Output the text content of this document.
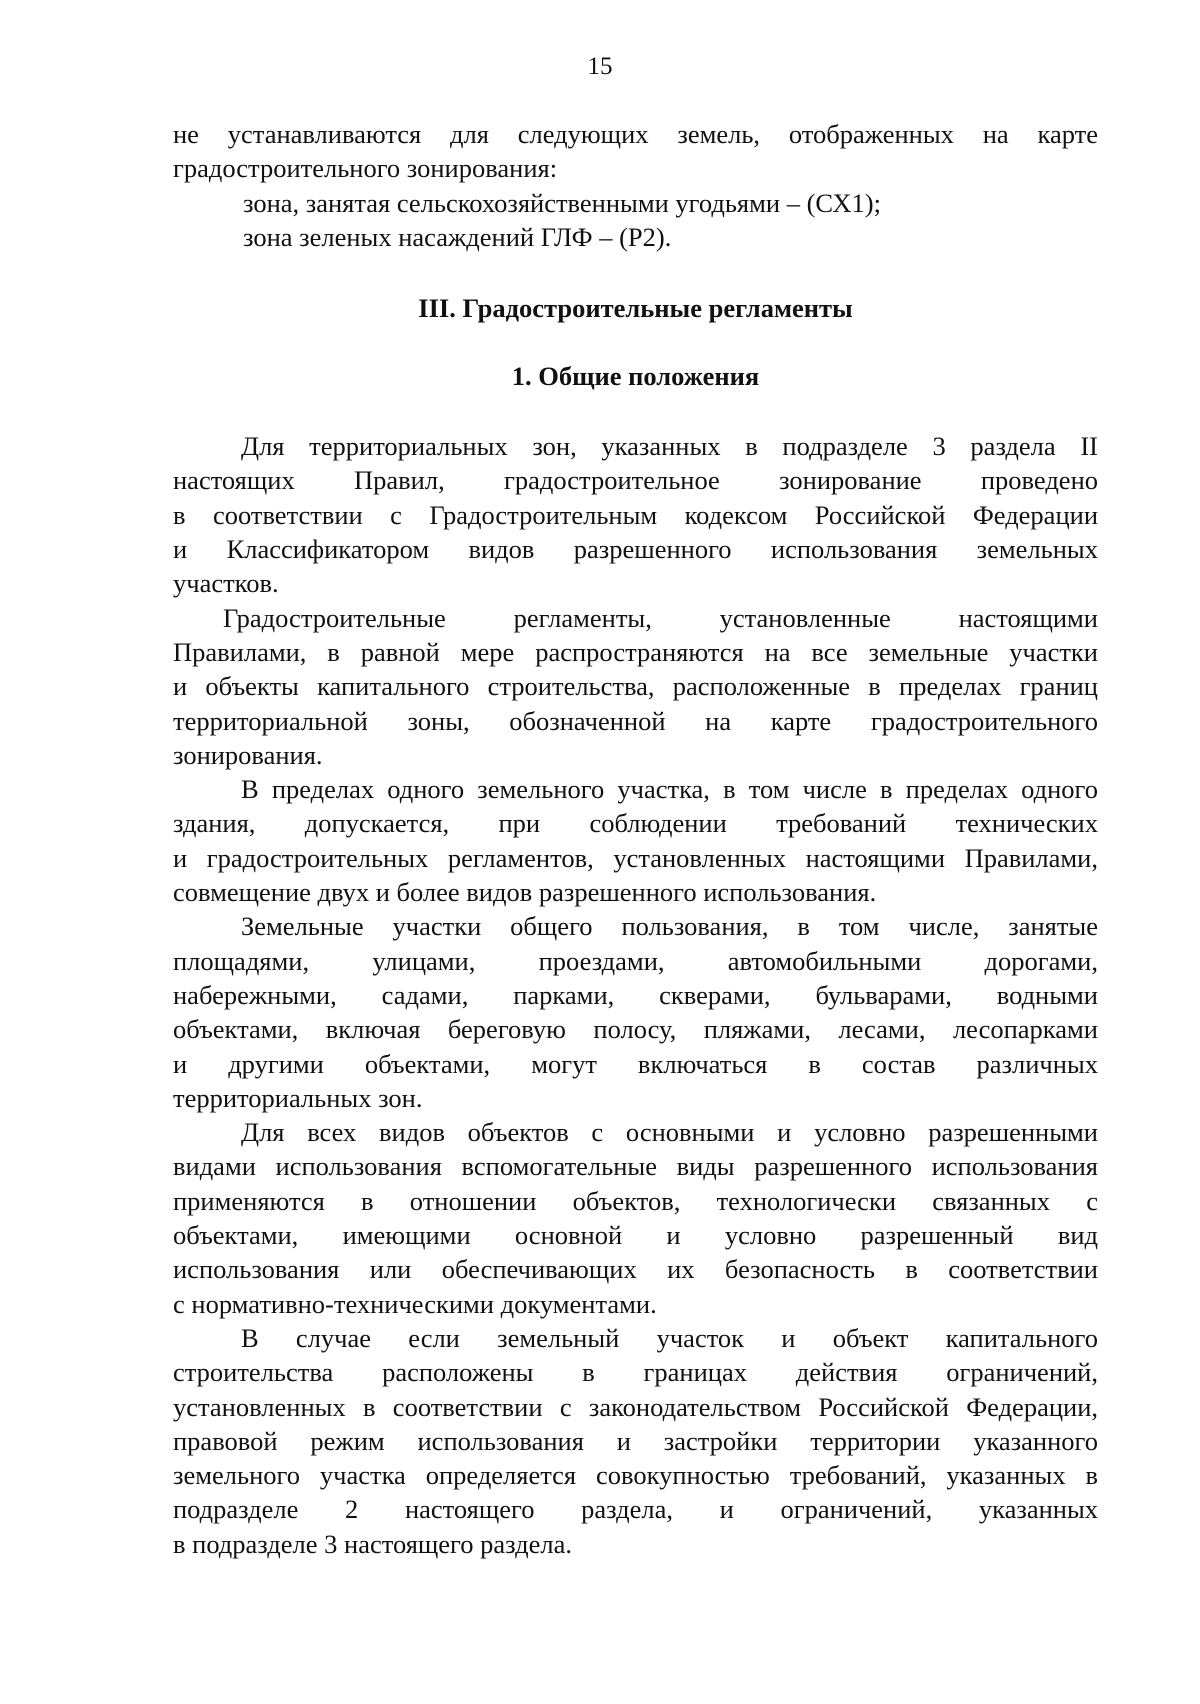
15
не устанавливаются для следующих земель, отображенных на карте
градостроительного зонирования:
зона, занятая сельскохозяйственными угодьями – (СХ1);
зона зеленых насаждений ГЛФ – (Р2).
III. Градостроительные регламенты
1. Общие положения
Для территориальных зон, указанных в подразделе 3 раздела II
настоящих Правил, градостроительное зонирование проведено
в соответствии с Градостроительным кодексом Российской Федерации
и Классификатором видов разрешенного использования земельных
участков.
Градостроительные регламенты, установленные настоящими
Правилами, в равной мере распространяются на все земельные участки
и объекты капитального строительства, расположенные в пределах границ
территориальной зоны, обозначенной на карте градостроительного
зонирования.
В пределах одного земельного участка, в том числе в пределах одного
здания, допускается, при соблюдении требований технических
и градостроительных регламентов, установленных настоящими Правилами,
совмещение двух и более видов разрешенного использования.
Земельные участки общего пользования, в том числе, занятые
площадями, улицами, проездами, автомобильными дорогами,
набережными, садами, парками, скверами, бульварами, водными
объектами, включая береговую полосу, пляжами, лесами, лесопарками
и другими объектами, могут включаться в состав различных
территориальных зон.
Для всех видов объектов с основными и условно разрешенными
видами использования вспомогательные виды разрешенного использования
применяются в отношении объектов, технологически связанных с
объектами, имеющими основной и условно разрешенный вид
использования или обеспечивающих их безопасность в соответствии
с нормативно-техническими документами.
В случае если земельный участок и объект капитального
строительства расположены в границах действия ограничений,
установленных в соответствии с законодательством Российской Федерации,
правовой режим использования и застройки территории указанного
земельного участка определяется совокупностью требований, указанных в
подразделе 2 настоящего раздела, и ограничений, указанных
в подразделе 3 настоящего раздела.
